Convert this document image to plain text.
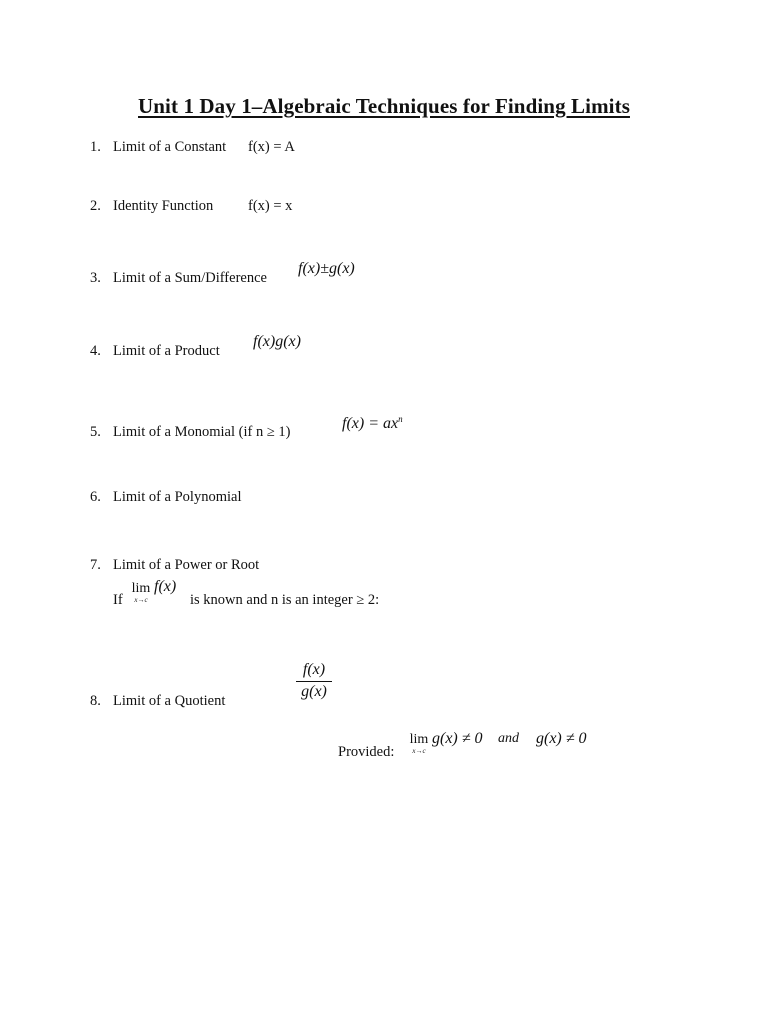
Unit 1 Day 1–Algebraic Techniques for Finding Limits
1. Limit of a Constant f(x) = A
2. Identity Function f(x) = x
3. Limit of a Sum/Difference
f(x)±g(x)
4. Limit of a Product
f(x)g(x)
5. Limit of a Monomial (if n ≥ 1)	$f(x) = ax^n$
6. Limit of a Polynomial
7. Limit of a Power or Root
If
lim
x→c
f(x)
is known and n is an integer ≥ 2:
8. Limit of a Quotient
f(x)
g(x)
Provided:
lim
x→c
g(x) ≠ 0 and g(x) ≠ 0
